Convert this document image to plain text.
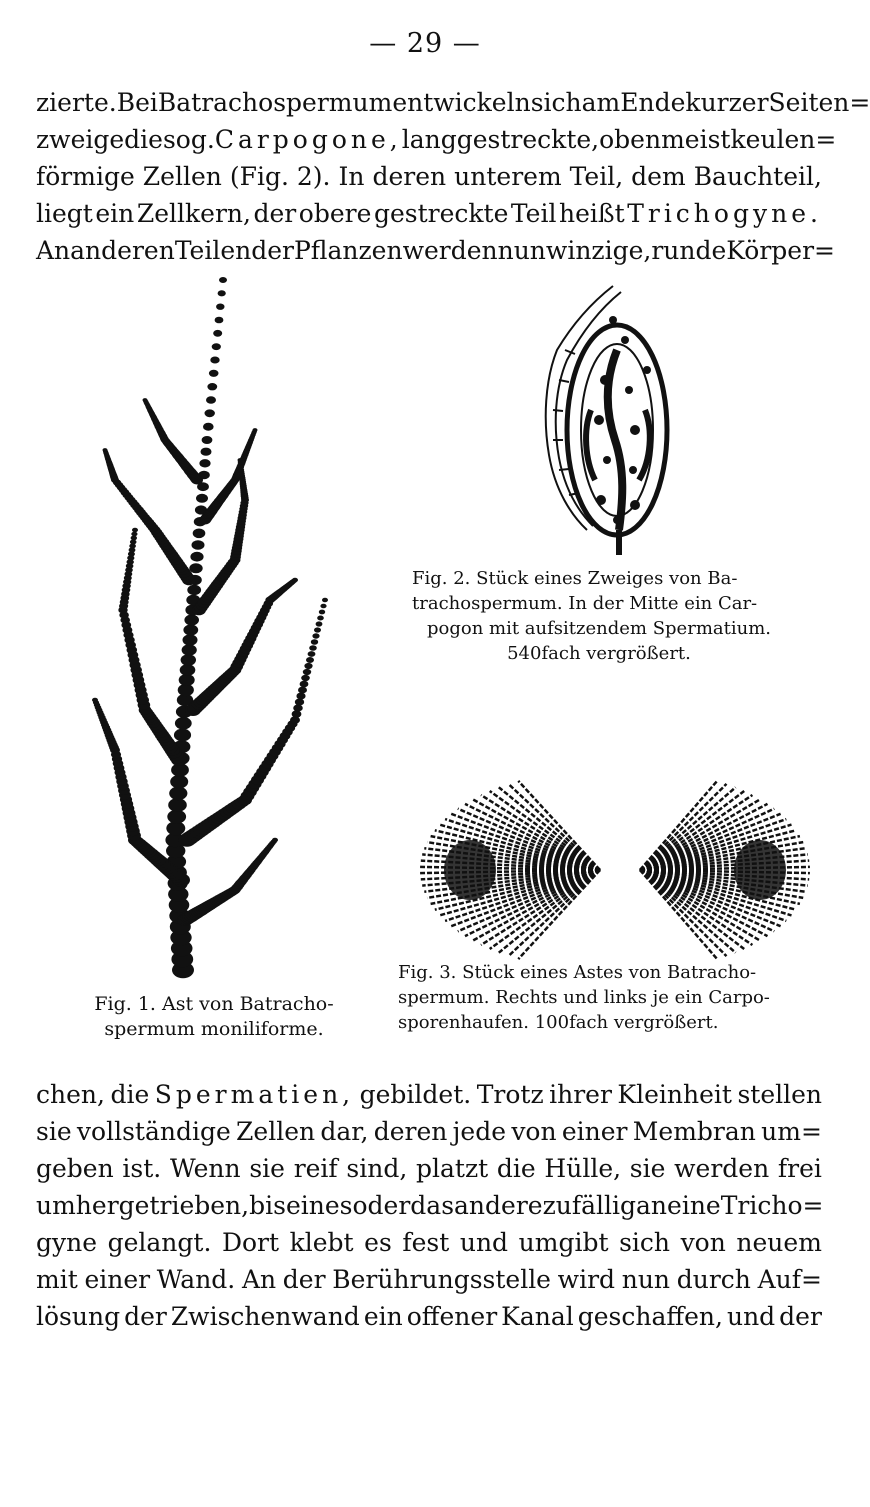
— 29 —
zierte. Bei Batrachospermum entwickeln sich am Ende kurzer Seiten=
zweige die sog. Carpogone, langgestreckte, oben meist keulen=
förmige Zellen (Fig. 2). In deren unterem Teil, dem Bauchteil,
liegt ein Zellkern, der obere gestreckte Teil heißt Trichogyne.
An anderen Teilen der Pflanzen werden nun winzige, runde Körper=
Fig. 2. Stück eines Zweiges von Ba-
trachospermum. In der Mitte ein Car-
pogon mit aufsitzendem Spermatium.
540fach vergrößert.
Fig. 3. Stück eines Astes von Batracho-
spermum. Rechts und links je ein Carpo-
sporenhaufen. 100fach vergrößert.
Fig. 1. Ast von Batracho-
spermum moniliforme.
chen, die Spermatien, gebildet. Trotz ihrer Kleinheit stellen
sie vollständige Zellen dar, deren jede von einer Membran um=
geben ist. Wenn sie reif sind, platzt die Hülle, sie werden frei
umhergetrieben, bis eines oder das andere zufällig an eine Tricho=
gyne gelangt. Dort klebt es fest und umgibt sich von neuem
mit einer Wand. An der Berührungsstelle wird nun durch Auf=
lösung der Zwischenwand ein offener Kanal geschaffen, und der
